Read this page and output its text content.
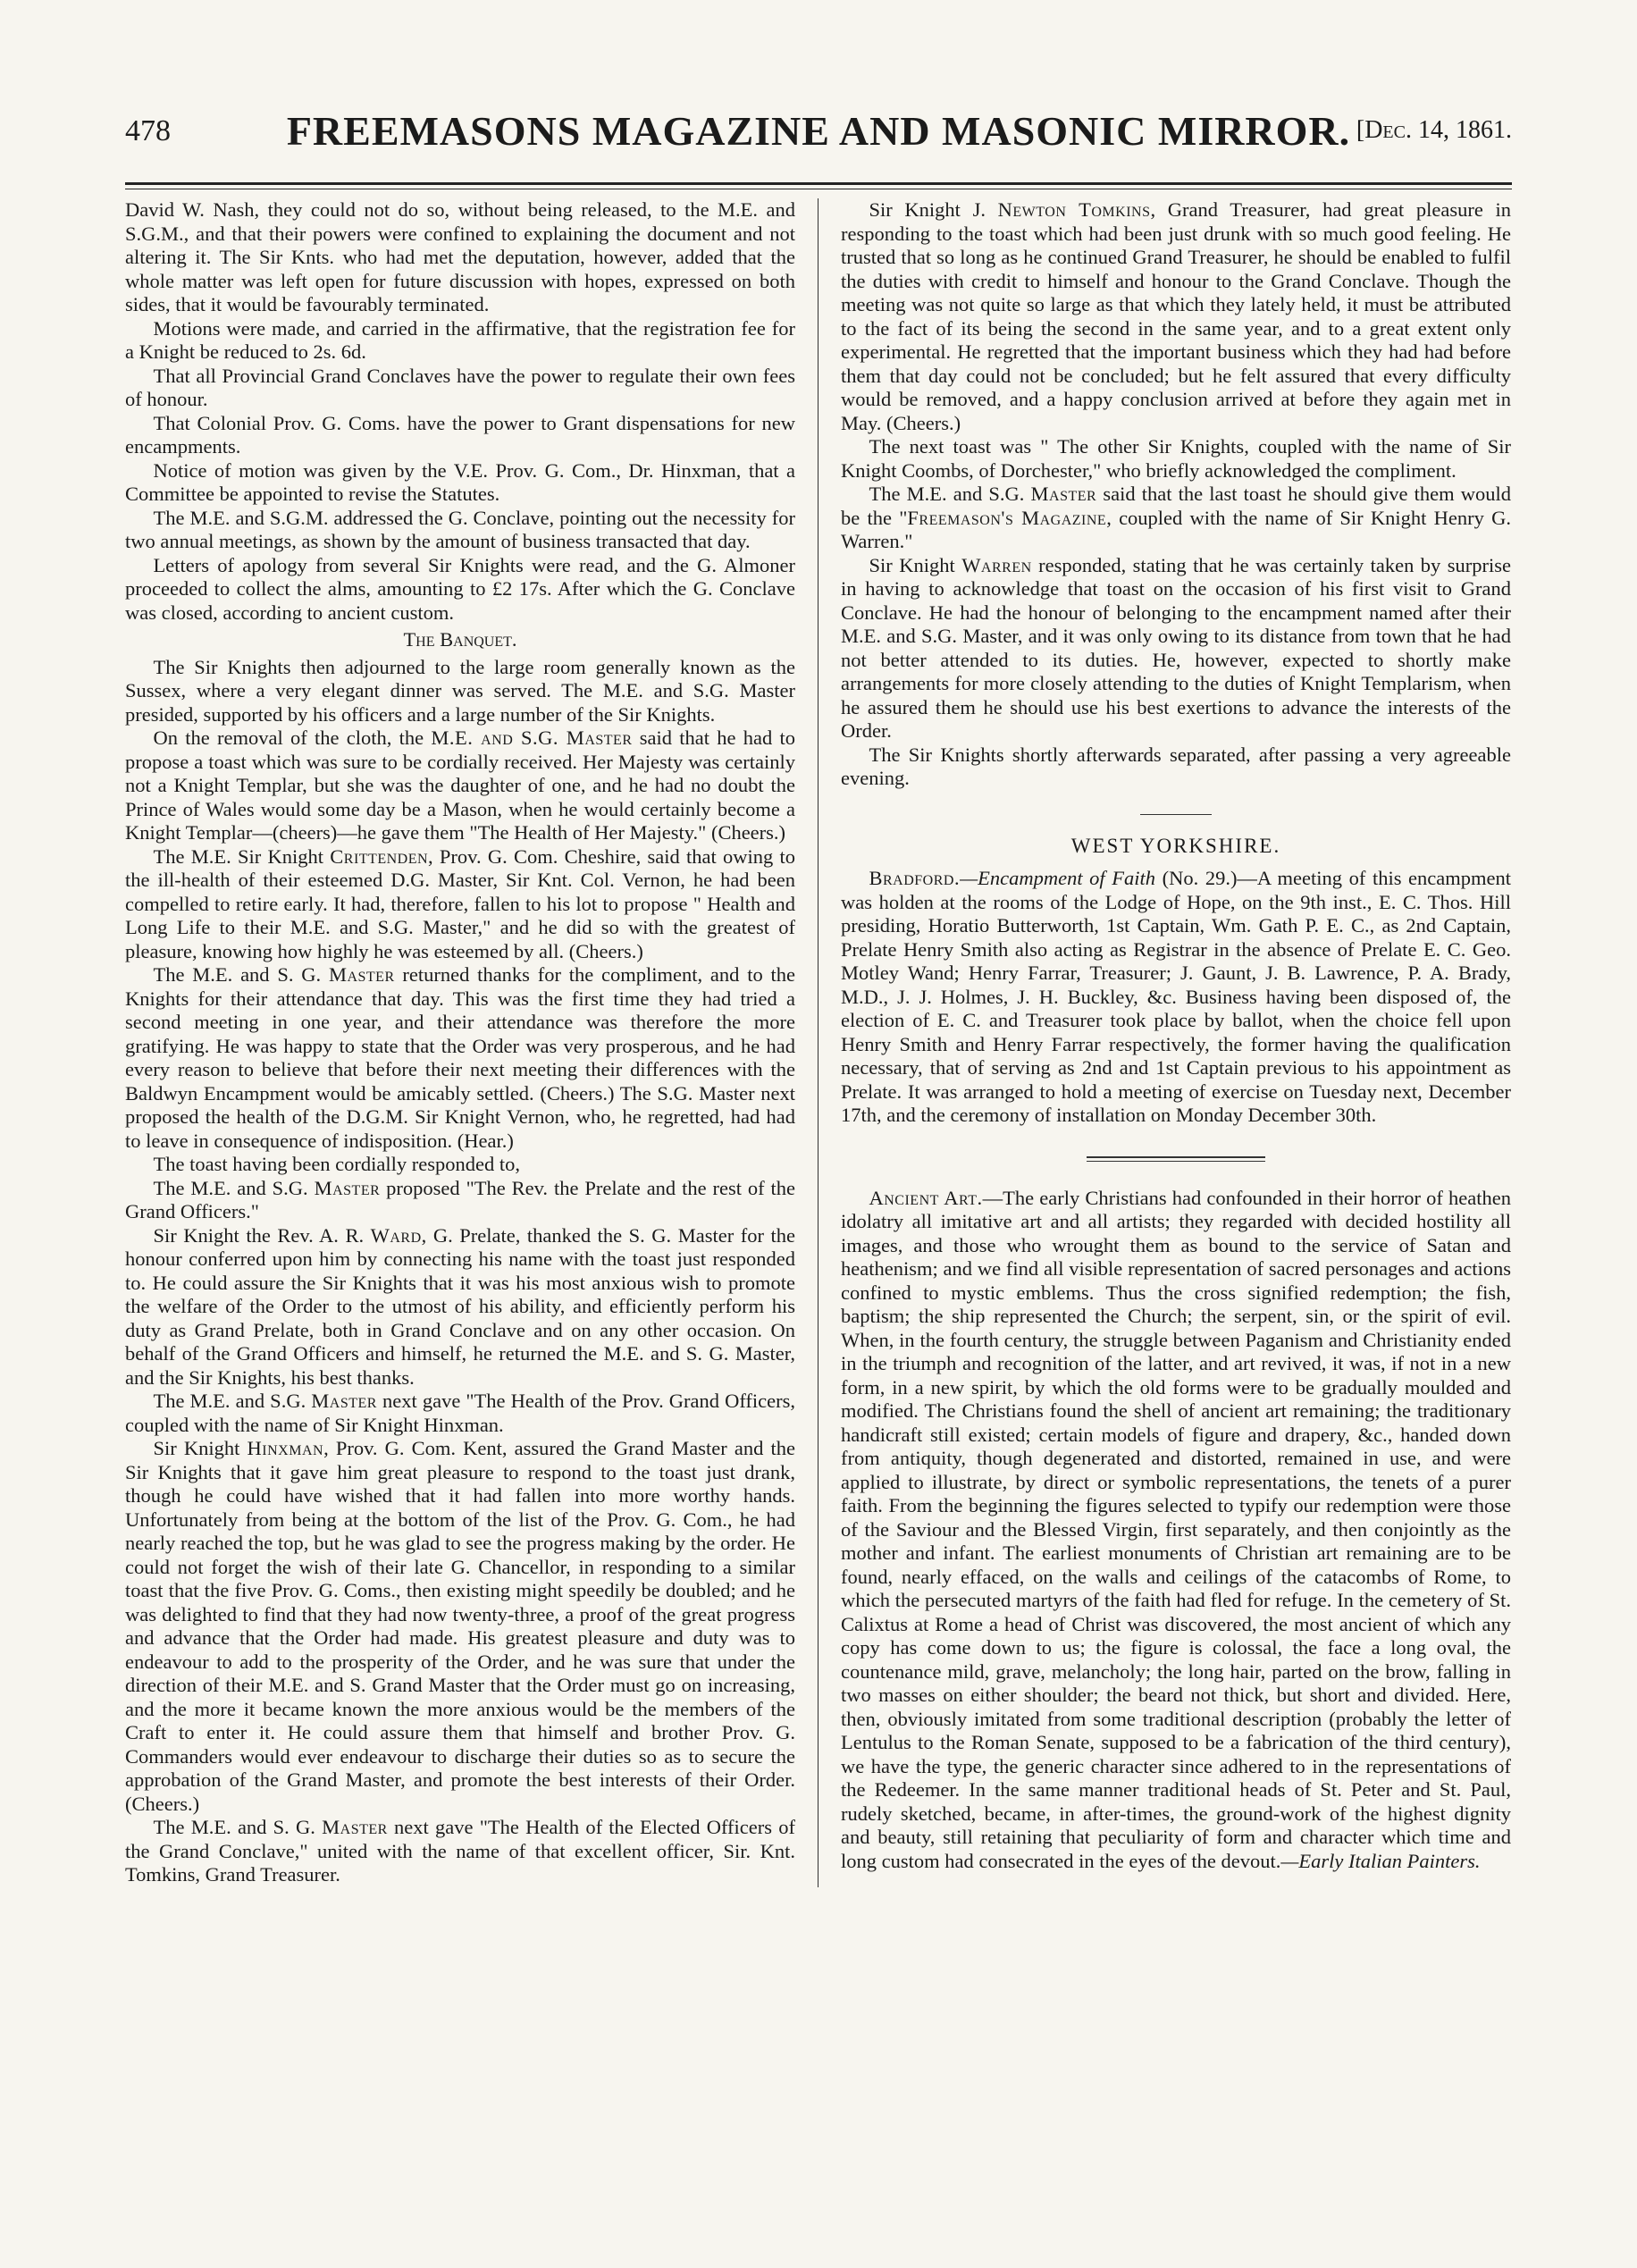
478	FREEMASONS MAGAZINE AND MASONIC MIRROR. [Dec. 14, 1861.

David W. Nash, they could not do so, without being released, to the M.E. and S.G.M., and that their powers were confined to explaining the document and not altering it. The Sir Knts. who had met the deputation, however, added that the whole matter was left open for future discussion with hopes, expressed on both sides, that it would be favourably terminated.

Motions were made, and carried in the affirmative, that the registration fee for a Knight be reduced to 2s. 6d.

That all Provincial Grand Conclaves have the power to regulate their own fees of honour.

That Colonial Prov. G. Coms. have the power to Grant dispensations for new encampments.

Notice of motion was given by the V.E. Prov. G. Com., Dr. Hinxman, that a Committee be appointed to revise the Statutes.

The M.E. and S.G.M. addressed the G. Conclave, pointing out the necessity for two annual meetings, as shown by the amount of business transacted that day.

Letters of apology from several Sir Knights were read, and the G. Almoner proceeded to collect the alms, amounting to £2 17s. After which the G. Conclave was closed, according to ancient custom.

The Banquet.

The Sir Knights then adjourned to the large room generally known as the Sussex, where a very elegant dinner was served. The M.E. and S.G. Master presided, supported by his officers and a large number of the Sir Knights.

On the removal of the cloth, the M.E. and S.G. Master said that he had to propose a toast which was sure to be cordially received. Her Majesty was certainly not a Knight Templar, but she was the daughter of one, and he had no doubt the Prince of Wales would some day be a Mason, when he would certainly become a Knight Templar—(cheers)—he gave them "The Health of Her Majesty." (Cheers.)

The M.E. Sir Knight Crittenden, Prov. G. Com. Cheshire, said that owing to the ill-health of their esteemed D.G. Master, Sir Knt. Col. Vernon, he had been compelled to retire early. It had, therefore, fallen to his lot to propose " Health and Long Life to their M.E. and S.G. Master," and he did so with the greatest of pleasure, knowing how highly he was esteemed by all. (Cheers.)

The M.E. and S. G. Master returned thanks for the compliment, and to the Knights for their attendance that day. This was the first time they had tried a second meeting in one year, and their attendance was therefore the more gratifying. He was happy to state that the Order was very prosperous, and he had every reason to believe that before their next meeting their differences with the Baldwyn Encampment would be amicably settled. (Cheers.) The S.G. Master next proposed the health of the D.G.M. Sir Knight Vernon, who, he regretted, had had to leave in consequence of indisposition. (Hear.)

The toast having been cordially responded to,

The M.E. and S.G. Master proposed "The Rev. the Prelate and the rest of the Grand Officers."

Sir Knight the Rev. A. R. Ward, G. Prelate, thanked the S. G. Master for the honour conferred upon him by connecting his name with the toast just responded to. He could assure the Sir Knights that it was his most anxious wish to promote the welfare of the Order to the utmost of his ability, and efficiently perform his duty as Grand Prelate, both in Grand Conclave and on any other occasion. On behalf of the Grand Officers and himself, he returned the M.E. and S. G. Master, and the Sir Knights, his best thanks.

The M.E. and S.G. Master next gave "The Health of the Prov. Grand Officers, coupled with the name of Sir Knight Hinxman.

Sir Knight Hinxman, Prov. G. Com. Kent, assured the Grand Master and the Sir Knights that it gave him great pleasure to respond to the toast just drank, though he could have wished that it had fallen into more worthy hands. Unfortunately from being at the bottom of the list of the Prov. G. Com., he had nearly reached the top, but he was glad to see the progress making by the order. He could not forget the wish of their late G. Chancellor, in responding to a similar toast that the five Prov. G. Coms., then existing might speedily be doubled; and he was delighted to find that they had now twenty-three, a proof of the great progress and advance that the Order had made. His greatest pleasure and duty was to endeavour to add to the prosperity of the Order, and he was sure that under the direction of their M.E. and S. Grand Master that the Order must go on increasing, and the more it became known the more anxious would be the members of the Craft to enter it. He could assure them that himself and brother Prov. G. Commanders would ever endeavour to discharge their duties so as to secure the approbation of the Grand Master, and promote the best interests of their Order. (Cheers.)

The M.E. and S. G. Master next gave "The Health of the Elected Officers of the Grand Conclave," united with the name of that excellent officer, Sir. Knt. Tomkins, Grand Treasurer.

Sir Knight J. Newton Tomkins, Grand Treasurer, had great pleasure in responding to the toast which had been just drunk with so much good feeling. He trusted that so long as he continued Grand Treasurer, he should be enabled to fulfil the duties with credit to himself and honour to the Grand Conclave. Though the meeting was not quite so large as that which they lately held, it must be attributed to the fact of its being the second in the same year, and to a great extent only experimental. He regretted that the important business which they had had before them that day could not be concluded; but he felt assured that every difficulty would be removed, and a happy conclusion arrived at before they again met in May. (Cheers.)

The next toast was " The other Sir Knights, coupled with the name of Sir Knight Coombs, of Dorchester," who briefly acknowledged the compliment.

The M.E. and S.G. Master said that the last toast he should give them would be the "Freemason's Magazine, coupled with the name of Sir Knight Henry G. Warren."

Sir Knight Warren responded, stating that he was certainly taken by surprise in having to acknowledge that toast on the occasion of his first visit to Grand Conclave. He had the honour of belonging to the encampment named after their M.E. and S.G. Master, and it was only owing to its distance from town that he had not better attended to its duties. He, however, expected to shortly make arrangements for more closely attending to the duties of Knight Templarism, when he assured them he should use his best exertions to advance the interests of the Order.

The Sir Knights shortly afterwards separated, after passing a very agreeable evening.

WEST YORKSHIRE.

Bradford.—Encampment of Faith (No. 29.)—A meeting of this encampment was holden at the rooms of the Lodge of Hope, on the 9th inst., E. C. Thos. Hill presiding, Horatio Butterworth, 1st Captain, Wm. Gath P. E. C., as 2nd Captain, Prelate Henry Smith also acting as Registrar in the absence of Prelate E. C. Geo. Motley Wand; Henry Farrar, Treasurer; J. Gaunt, J. B. Lawrence, P. A. Brady, M.D., J. J. Holmes, J. H. Buckley, &c. Business having been disposed of, the election of E. C. and Treasurer took place by ballot, when the choice fell upon Henry Smith and Henry Farrar respectively, the former having the qualification necessary, that of serving as 2nd and 1st Captain previous to his appointment as Prelate. It was arranged to hold a meeting of exercise on Tuesday next, December 17th, and the ceremony of installation on Monday December 30th.

Ancient Art.—The early Christians had confounded in their horror of heathen idolatry all imitative art and all artists; they regarded with decided hostility all images, and those who wrought them as bound to the service of Satan and heathenism; and we find all visible representation of sacred personages and actions confined to mystic emblems. Thus the cross signified redemption; the fish, baptism; the ship represented the Church; the serpent, sin, or the spirit of evil. When, in the fourth century, the struggle between Paganism and Christianity ended in the triumph and recognition of the latter, and art revived, it was, if not in a new form, in a new spirit, by which the old forms were to be gradually moulded and modified. The Christians found the shell of ancient art remaining; the traditionary handicraft still existed; certain models of figure and drapery, &c., handed down from antiquity, though degenerated and distorted, remained in use, and were applied to illustrate, by direct or symbolic representations, the tenets of a purer faith. From the beginning the figures selected to typify our redemption were those of the Saviour and the Blessed Virgin, first separately, and then conjointly as the mother and infant. The earliest monuments of Christian art remaining are to be found, nearly effaced, on the walls and ceilings of the catacombs of Rome, to which the persecuted martyrs of the faith had fled for refuge. In the cemetery of St. Calixtus at Rome a head of Christ was discovered, the most ancient of which any copy has come down to us; the figure is colossal, the face a long oval, the countenance mild, grave, melancholy; the long hair, parted on the brow, falling in two masses on either shoulder; the beard not thick, but short and divided. Here, then, obviously imitated from some traditional description (probably the letter of Lentulus to the Roman Senate, supposed to be a fabrication of the third century), we have the type, the generic character since adhered to in the representations of the Redeemer. In the same manner traditional heads of St. Peter and St. Paul, rudely sketched, became, in after-times, the ground-work of the highest dignity and beauty, still retaining that peculiarity of form and character which time and long custom had consecrated in the eyes of the devout.—Early Italian Painters.
